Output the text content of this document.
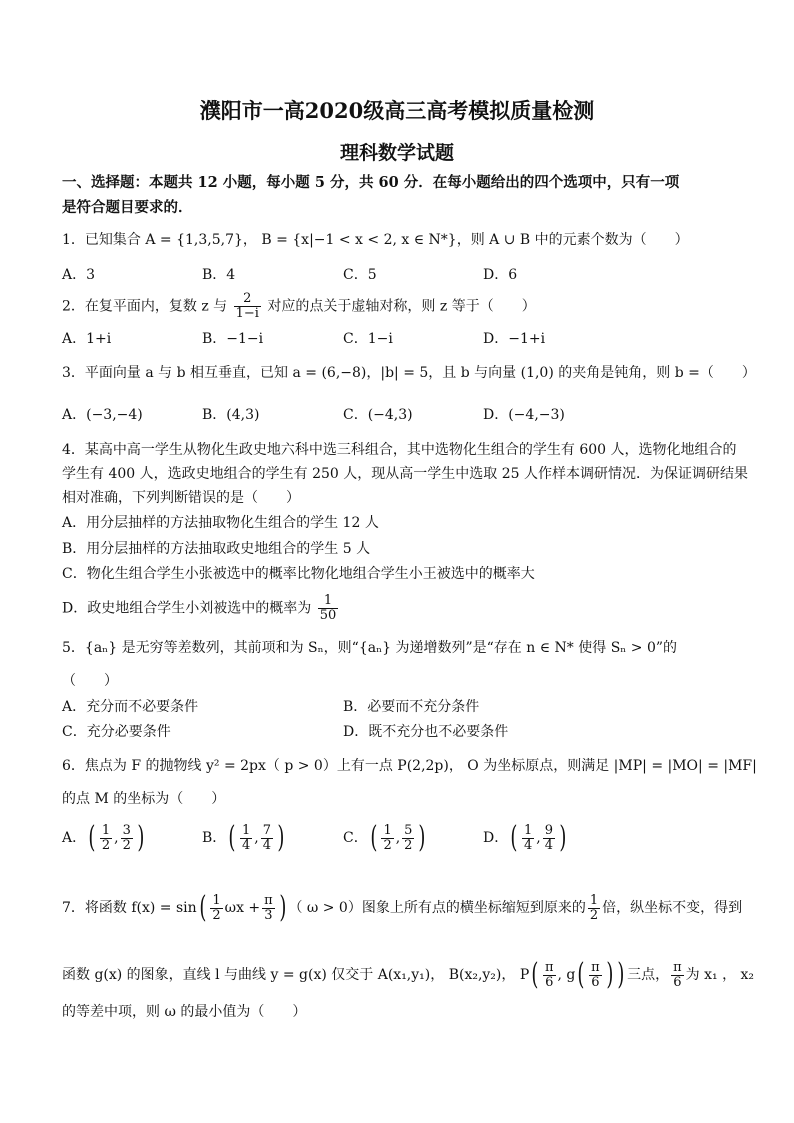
濮阳市一高2020级高三高考模拟质量检测
理科数学试题
一、选择题：本题共 12 小题，每小题 5 分，共 60 分．在每小题给出的四个选项中，只有一项
是符合题目要求的．
1．已知集合 A = {1,3,5,7}， B = {x|−1 < x < 2, x ∈ N*}，则 A ∪ B 中的元素个数为（　　）
A．3	B．4	C．5	D．6
2．在复平面内，复数 z 与 $\frac{2}{1-i}$ 对应的点关于虚轴对称，则 z 等于（　　）
A．1+i	B．−1−i	C．1−i	D．−1+i
3．平面向量 a 与 b 相互垂直，已知 a = (6,−8)，|b| = 5，且 b 与向量 (1,0) 的夹角是钝角，则 b =（　　）
A．(−3,−4)	B．(4,3)	C．(−4,3)	D．(−4,−3)
4．某高中高一学生从物化生政史地六科中选三科组合，其中选物化生组合的学生有 600 人，选物化地组合的
学生有 400 人，选政史地组合的学生有 250 人，现从高一学生中选取 25 人作样本调研情况．为保证调研结果
相对准确，下列判断错误的是（　　）
A．用分层抽样的方法抽取物化生组合的学生 12 人
B．用分层抽样的方法抽取政史地组合的学生 5 人
C．物化生组合学生小张被选中的概率比物化地组合学生小王被选中的概率大
D．政史地组合学生小刘被选中的概率为 $\frac{1}{50}$
5．{aₙ} 是无穷等差数列，其前项和为 Sₙ，则“{aₙ} 为递增数列”是“存在 n ∈ N* 使得 Sₙ > 0”的
（　　）
A．充分而不必要条件	B．必要而不充分条件
C．充分必要条件	D．既不充分也不必要条件
6．焦点为 F 的抛物线 y² = 2px（ p > 0）上有一点 P(2,2p)， O 为坐标原点，则满足 |MP| = |MO| = |MF|
的点 M 的坐标为（　　）
A．( $\frac{1}{2}$ , $\frac{3}{2}$ )	B．( $\frac{1}{4}$ , $\frac{7}{4}$ )	C．( $\frac{1}{2}$ , $\frac{5}{2}$ )	D．( $\frac{1}{4}$ , $\frac{9}{4}$ )
7．将函数 $f(x) = \sin( \frac{1}{2}$ $\omega x + \frac{\pi}{3}$ ) （ ω > 0）图象上所有点的横坐标缩短到原来的 $\frac{1}{2}$ 倍，纵坐标不变，得到
函数 g(x) 的图象，直线 l 与曲线 y = g(x) 仅交于 A(x₁,y₁)， B(x₂,y₂)， $P( \frac{\pi}{6}$ , $g( \frac{\pi}{6}$ ) ) 三点， $\frac{\pi}{6}$ 为 x₁ ， x₂
的等差中项，则 ω 的最小值为（　　）
